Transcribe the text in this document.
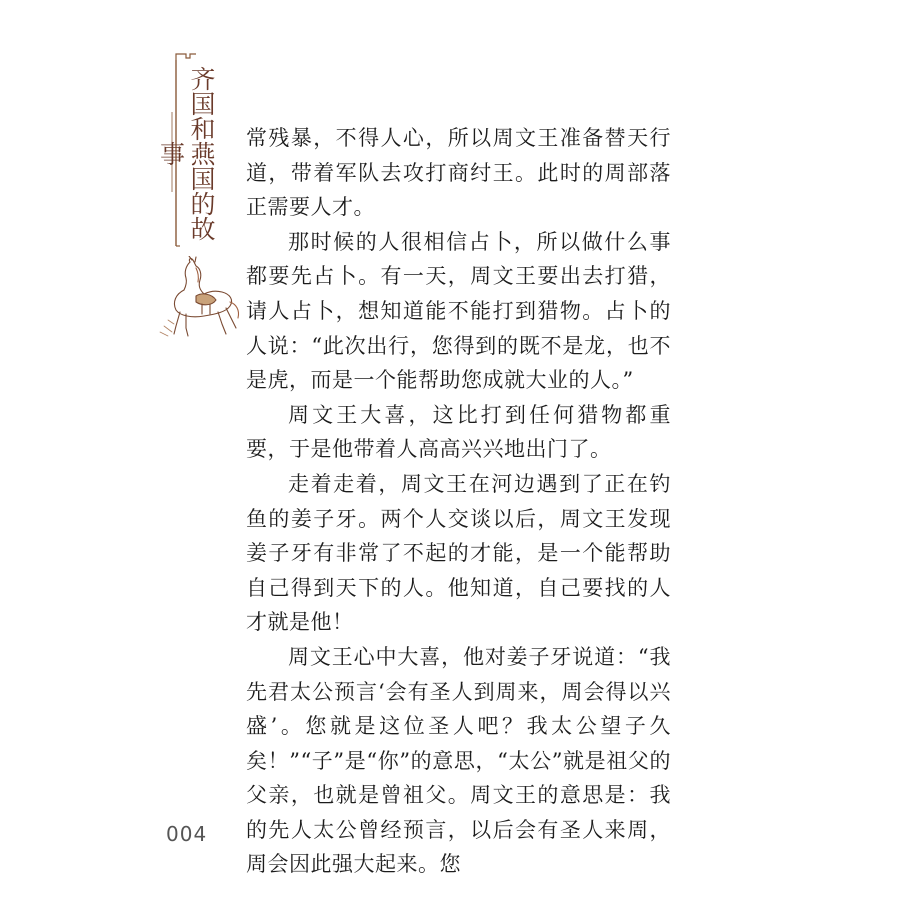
齐国和燕国的故事

常残暴，不得人心，所以周文王准备替天行道，带着军队去攻打商纣王。此时的周部落正需要人才。

那时候的人很相信占卜，所以做什么事都要先占卜。有一天，周文王要出去打猎，请人占卜，想知道能不能打到猎物。占卜的人说：“此次出行，您得到的既不是龙，也不是虎，而是一个能帮助您成就大业的人。”

周文王大喜，这比打到任何猎物都重要，于是他带着人高高兴兴地出门了。

走着走着，周文王在河边遇到了正在钓鱼的姜子牙。两个人交谈以后，周文王发现姜子牙有非常了不起的才能，是一个能帮助自己得到天下的人。他知道，自己要找的人才就是他！

周文王心中大喜，他对姜子牙说道：“我先君太公预言‘会有圣人到周来，周会得以兴盛’。您就是这位圣人吧？我太公望子久矣！”“子”是“你”的意思，“太公”就是祖父的父亲，也就是曾祖父。周文王的意思是：我的先人太公曾经预言，以后会有圣人来周，周会因此强大起来。您

004
